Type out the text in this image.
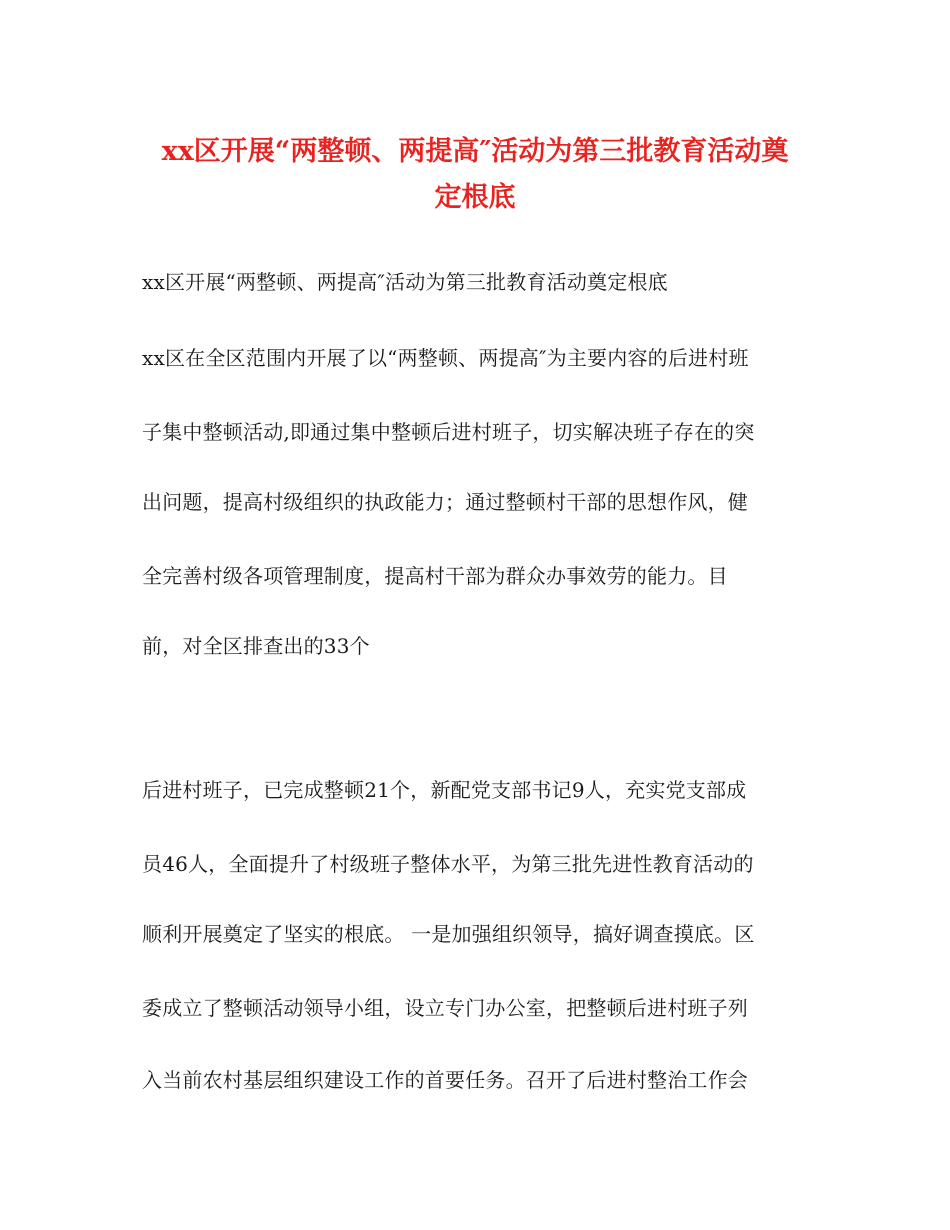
xx区开展“两整顿、两提高″活动为第三批教育活动奠
定根底
xx区开展“两整顿、两提高″活动为第三批教育活动奠定根底
xx区在全区范围内开展了以“两整顿、两提高″为主要内容的后进村班
子集中整顿活动,即通过集中整顿后进村班子，切实解决班子存在的突
出问题，提高村级组织的执政能力；通过整顿村干部的思想作风，健
全完善村级各项管理制度，提高村干部为群众办事效劳的能力。目
前，对全区排查出的33个
后进村班子，已完成整顿21个，新配党支部书记9人，充实党支部成
员46人，全面提升了村级班子整体水平，为第三批先进性教育活动的
顺利开展奠定了坚实的根底。 一是加强组织领导，搞好调查摸底。区
委成立了整顿活动领导小组，设立专门办公室，把整顿后进村班子列
入当前农村基层组织建设工作的首要任务。召开了后进村整治工作会
